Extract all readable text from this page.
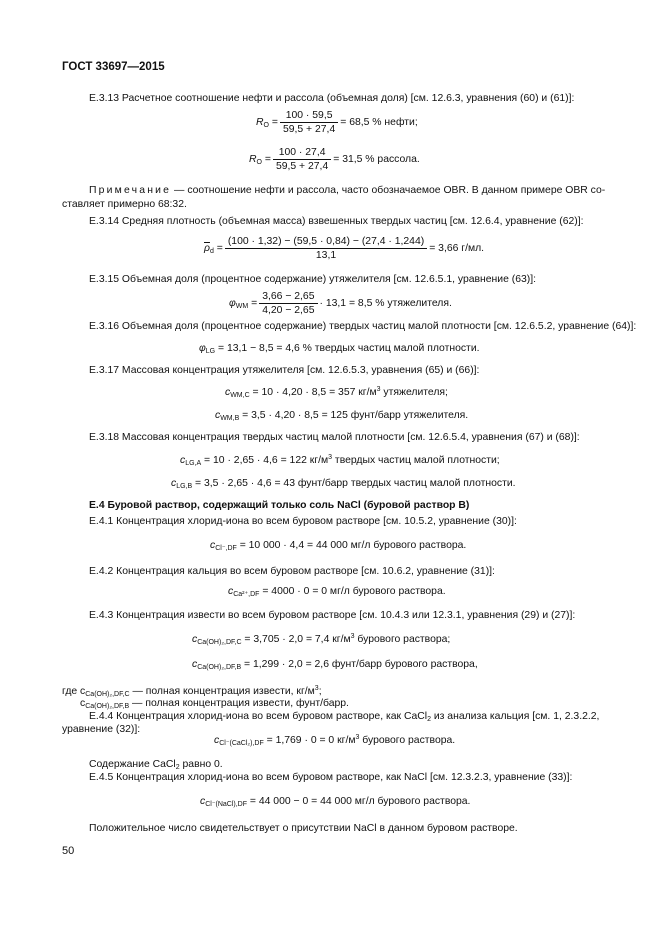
ГОСТ 33697—2015
Е.3.13 Расчетное соотношение нефти и рассола (объемная доля) [см. 12.6.3, уравнения (60) и (61)]:
$R_O = \frac{100 \cdot 59,5}{59,5 + 27,4} = 68,5$ % нефти;
$R_O = \frac{100 \cdot 27,4}{59,5 + 27,4} = 31,5$ % рассола.
Примечание — соотношение нефти и рассола, часто обозначаемое OBR. В данном примере OBR со-
ставляет примерно 68:32.
Е.3.14 Средняя плотность (объемная масса) взвешенных твердых частиц [см. 12.6.4, уравнение (62)]:
$\overline{\rho}_d = \frac{(100 \cdot 1,32) - (59,5 \cdot 0,84) - (27,4 \cdot 1,244)}{13,1} = 3,66$ г/мл.
Е.3.15 Объемная доля (процентное содержание) утяжелителя [см. 12.6.5.1, уравнение (63)]:
$\varphi_{WM} = \frac{3,66 - 2,65}{4,20 - 2,65} \cdot 13,1 = 8,5$ % утяжелителя.
Е.3.16 Объемная доля (процентное содержание) твердых частиц малой плотности [см. 12.6.5.2, уравнение (64)]:
$\varphi_{LG} = 13,1 - 8,5 = 4,6$ % твердых частиц малой плотности.
Е.3.17 Массовая концентрация утяжелителя [см. 12.6.5.3, уравнения (65) и (66)]:
$c_{WM,C} = 10 \cdot 4,20 \cdot 8,5 = 357$ $кг/м^3$ утяжелителя;
$c_{WM,B} = 3,5 \cdot 4,20 \cdot 8,5 = 125$ фунт/барр утяжелителя.
Е.3.18 Массовая концентрация твердых частиц малой плотности [см. 12.6.5.4, уравнения (67) и (68)]:
$c_{LG,A} = 10 \cdot 2,65 \cdot 4,6 = 122$ $кг/м^3$ твердых частиц малой плотности;
$c_{LG,B} = 3,5 \cdot 2,65 \cdot 4,6 = 43$ фунт/барр твердых частиц малой плотности.
Е.4 Буровой раствор, содержащий только соль NaCl (буровой раствор В)
Е.4.1 Концентрация хлорид-иона во всем буровом растворе [см. 10.5.2, уравнение (30)]:
$c_{Cl^-,DF} = 10$ 000 · 4,4 = 44 000 мг/л бурового раствора.
Е.4.2 Концентрация кальция во всем буровом растворе [см. 10.6.2, уравнение (31)]:
$c_{Ca^{2+},DF} = 4000 \cdot 0 = 0$ мг/л бурового раствора.
Е.4.3 Концентрация извести во всем буровом растворе [см. 10.4.3 или 12.3.1, уравнения (29) и (27)]:
$c_{Ca(OH)_2,DF,C} = 3,705 \cdot 2,0 = 7,4$ $кг/м^3$ бурового раствора;
$c_{Ca(OH)_2,DF,B} = 1,299 \cdot 2,0 = 2,6$ фунт/барр бурового раствора,
где $c_{Ca(OH)_2,DF,C}$ — полная концентрация извести, $кг/м^3$;
$c_{Ca(OH)_2,DF,B}$ — полная концентрация извести, фунт/барр.
Е.4.4 Концентрация хлорид-иона во всем буровом растворе, как CaCl$_2$ из анализа кальция [см. 1, 2.3.2.2,
уравнение (32)]:
$c_{Cl^-(CaCl_2),DF} = 1,769 \cdot 0 = 0$ $кг/м^3$ бурового раствора.
Содержание CaCl$_2$ равно 0.
Е.4.5 Концентрация хлорид-иона во всем буровом растворе, как NaCl [см. 12.3.2.3, уравнение (33)]:
$c_{Cl^-(NaCl),DF} = 44$ 000 − 0 = 44 000 мг/л бурового раствора.
Положительное число свидетельствует о присутствии NaCl в данном буровом растворе.
50
